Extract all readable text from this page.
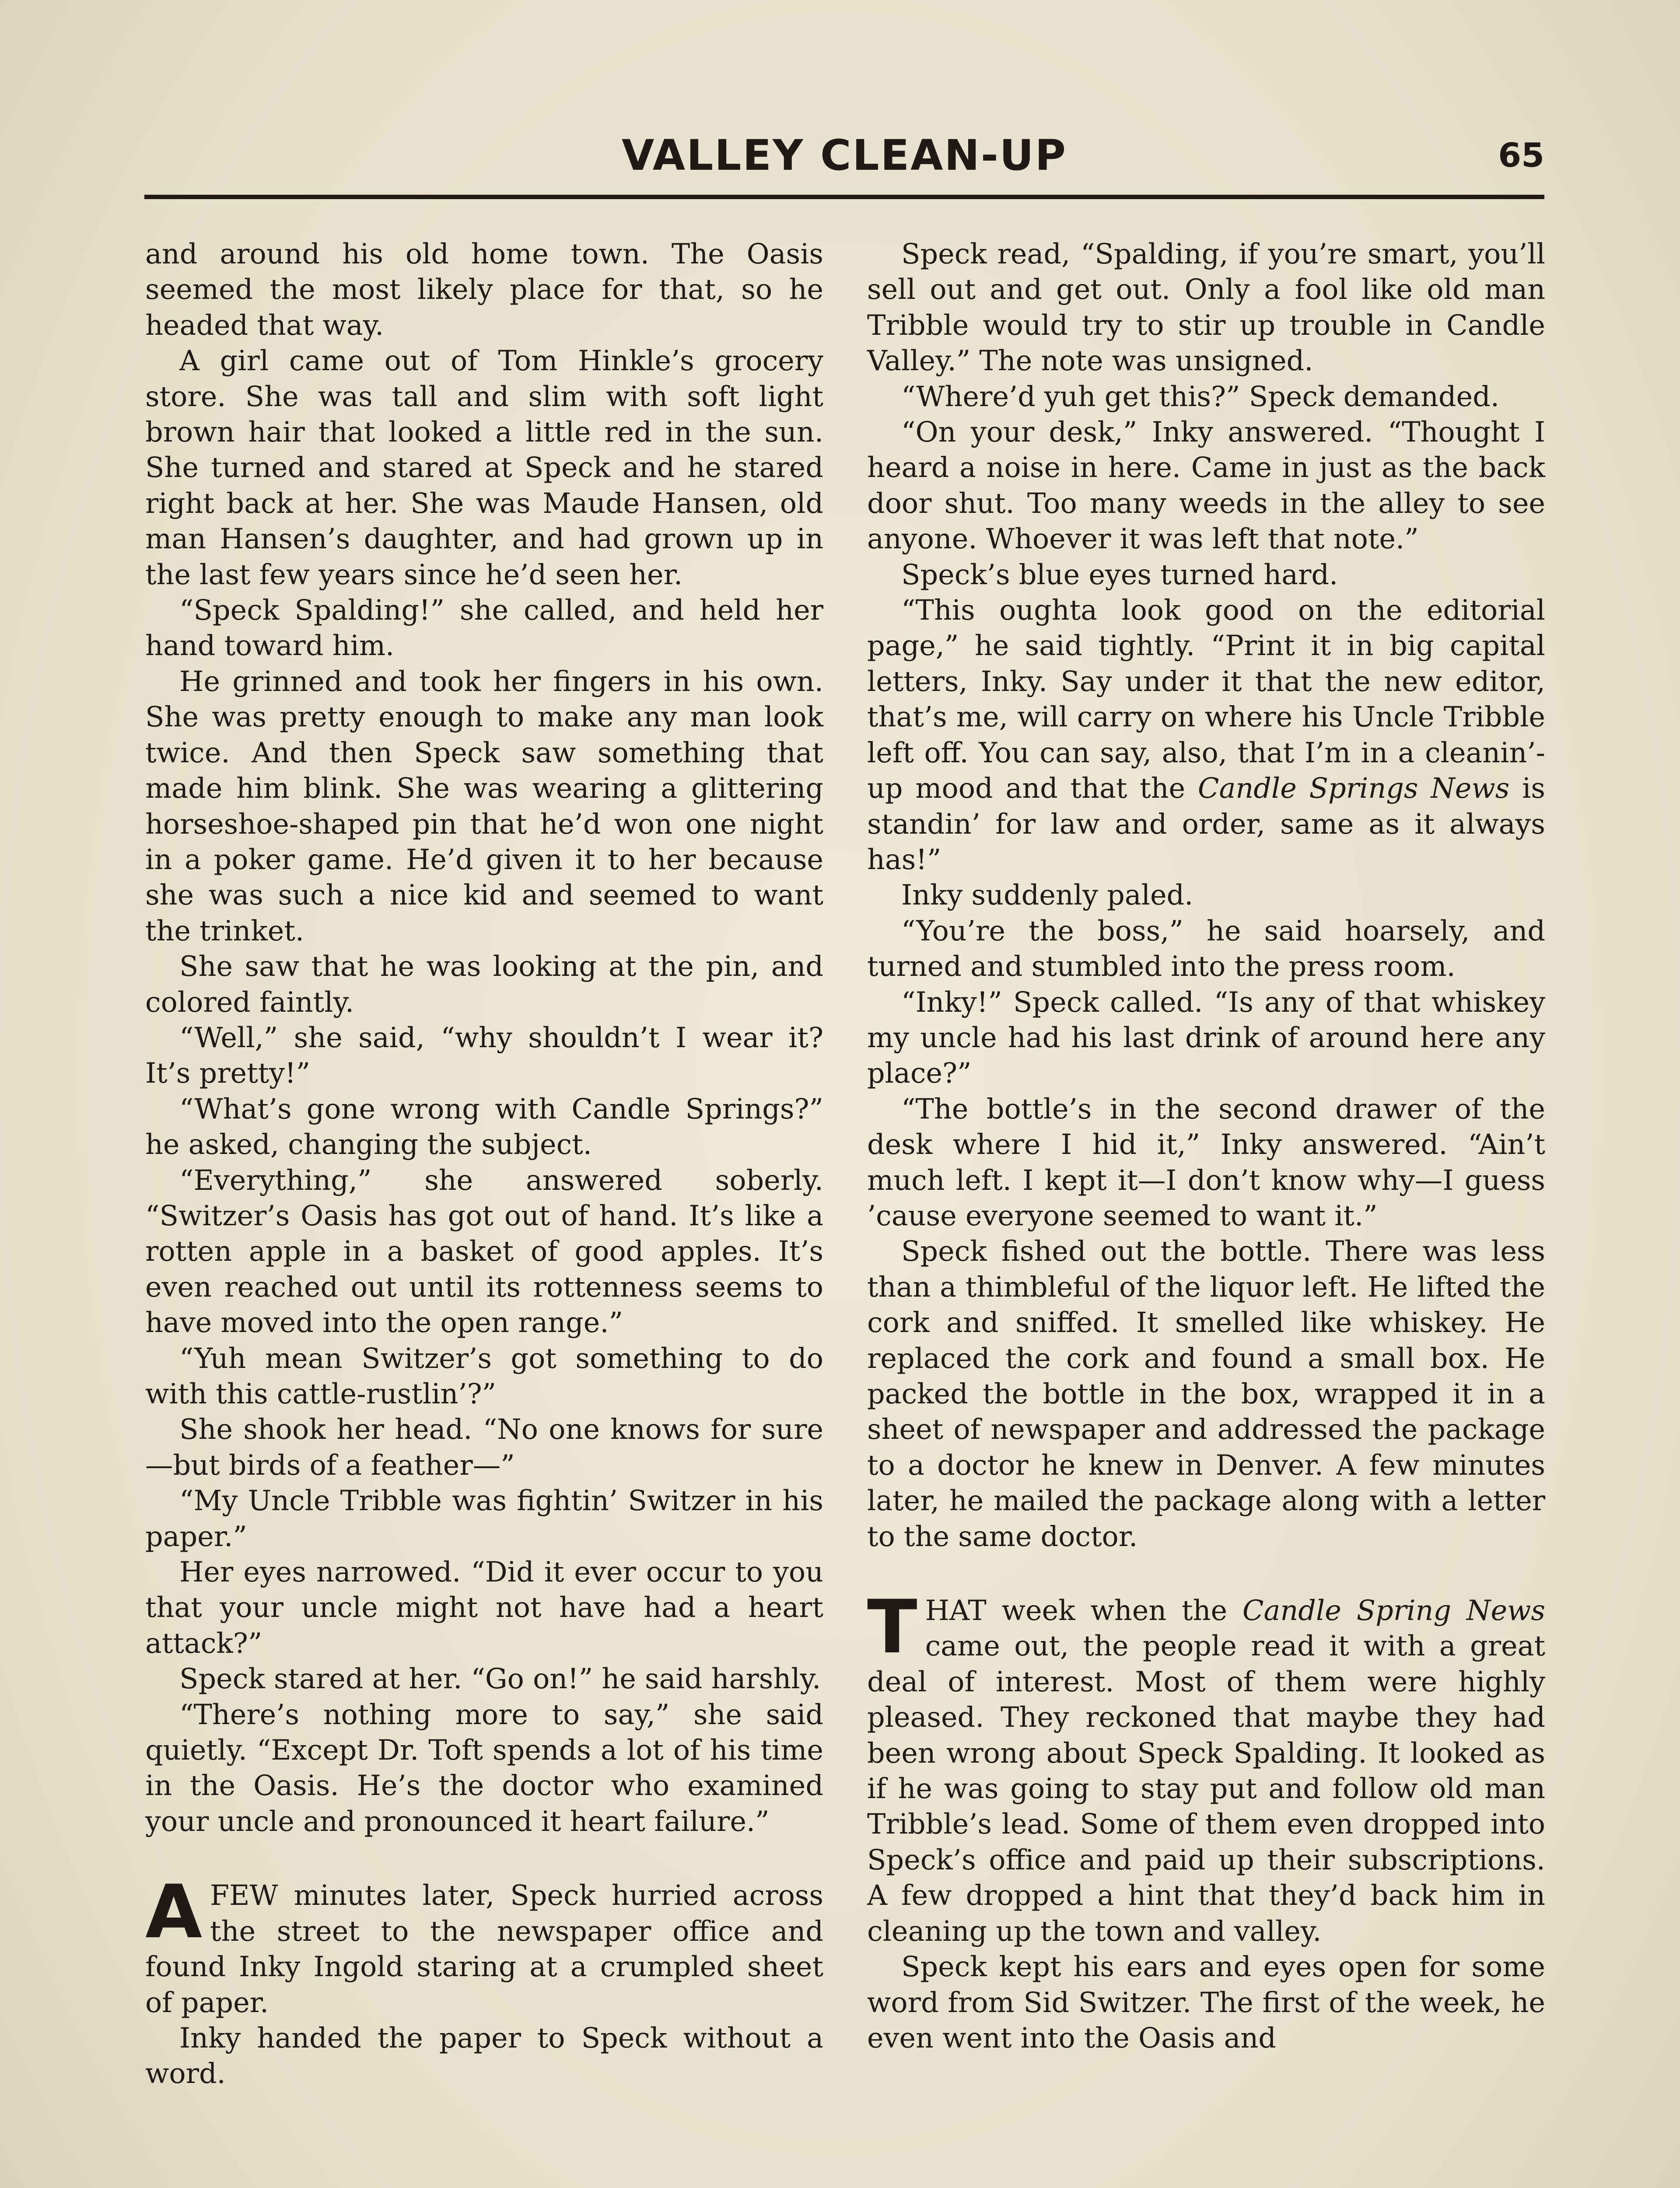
VALLEY CLEAN-UP	65

and around his old home town. The Oasis seemed the most likely place for that, so he headed that way.

A girl came out of Tom Hinkle’s grocery store. She was tall and slim with soft light brown hair that looked a little red in the sun. She turned and stared at Speck and he stared right back at her. She was Maude Hansen, old man Hansen’s daughter, and had grown up in the last few years since he’d seen her.

“Speck Spalding!” she called, and held her hand toward him.

He grinned and took her fingers in his own. She was pretty enough to make any man look twice. And then Speck saw something that made him blink. She was wearing a glittering horseshoe-shaped pin that he’d won one night in a poker game. He’d given it to her because she was such a nice kid and seemed to want the trinket.

She saw that he was looking at the pin, and colored faintly.

“Well,” she said, “why shouldn’t I wear it? It’s pretty!”

“What’s gone wrong with Candle Springs?” he asked, changing the subject.

“Everything,” she answered soberly. “Switzer’s Oasis has got out of hand. It’s like a rotten apple in a basket of good apples. It’s even reached out until its rottenness seems to have moved into the open range.”

“Yuh mean Switzer’s got something to do with this cattle-rustlin’?”

She shook her head. “No one knows for sure—but birds of a feather—”

“My Uncle Tribble was fightin’ Switzer in his paper.”

Her eyes narrowed. “Did it ever occur to you that your uncle might not have had a heart attack?”

Speck stared at her. “Go on!” he said harshly.

“There’s nothing more to say,” she said quietly. “Except Dr. Toft spends a lot of his time in the Oasis. He’s the doctor who examined your uncle and pronounced it heart failure.”

AFEW minutes later, Speck hurried across the street to the newspaper office and found Inky Ingold staring at a crumpled sheet of paper.

Inky handed the paper to Speck without a word.

Speck read, “Spalding, if you’re smart, you’ll sell out and get out. Only a fool like old man Tribble would try to stir up trouble in Candle Valley.” The note was unsigned.

“Where’d yuh get this?” Speck demanded.

“On your desk,” Inky answered. “Thought I heard a noise in here. Came in just as the back door shut. Too many weeds in the alley to see anyone. Whoever it was left that note.”

Speck’s blue eyes turned hard.

“This oughta look good on the editorial page,” he said tightly. “Print it in big capital letters, Inky. Say under it that the new editor, that’s me, will carry on where his Uncle Tribble left off. You can say, also, that I’m in a cleanin’-up mood and that the Candle Springs News is standin’ for law and order, same as it always has!”

Inky suddenly paled.

“You’re the boss,” he said hoarsely, and turned and stumbled into the press room.

“Inky!” Speck called. “Is any of that whiskey my uncle had his last drink of around here any place?”

“The bottle’s in the second drawer of the desk where I hid it,” Inky answered. “Ain’t much left. I kept it—I don’t know why—I guess ’cause everyone seemed to want it.”

Speck fished out the bottle. There was less than a thimbleful of the liquor left. He lifted the cork and sniffed. It smelled like whiskey. He replaced the cork and found a small box. He packed the bottle in the box, wrapped it in a sheet of newspaper and addressed the package to a doctor he knew in Denver. A few minutes later, he mailed the package along with a letter to the same doctor.

THAT week when the Candle Spring News came out, the people read it with a great deal of interest. Most of them were highly pleased. They reckoned that maybe they had been wrong about Speck Spalding. It looked as if he was going to stay put and follow old man Tribble’s lead. Some of them even dropped into Speck’s office and paid up their subscriptions. A few dropped a hint that they’d back him in cleaning up the town and valley.

Speck kept his ears and eyes open for some word from Sid Switzer. The first of the week, he even went into the Oasis and
